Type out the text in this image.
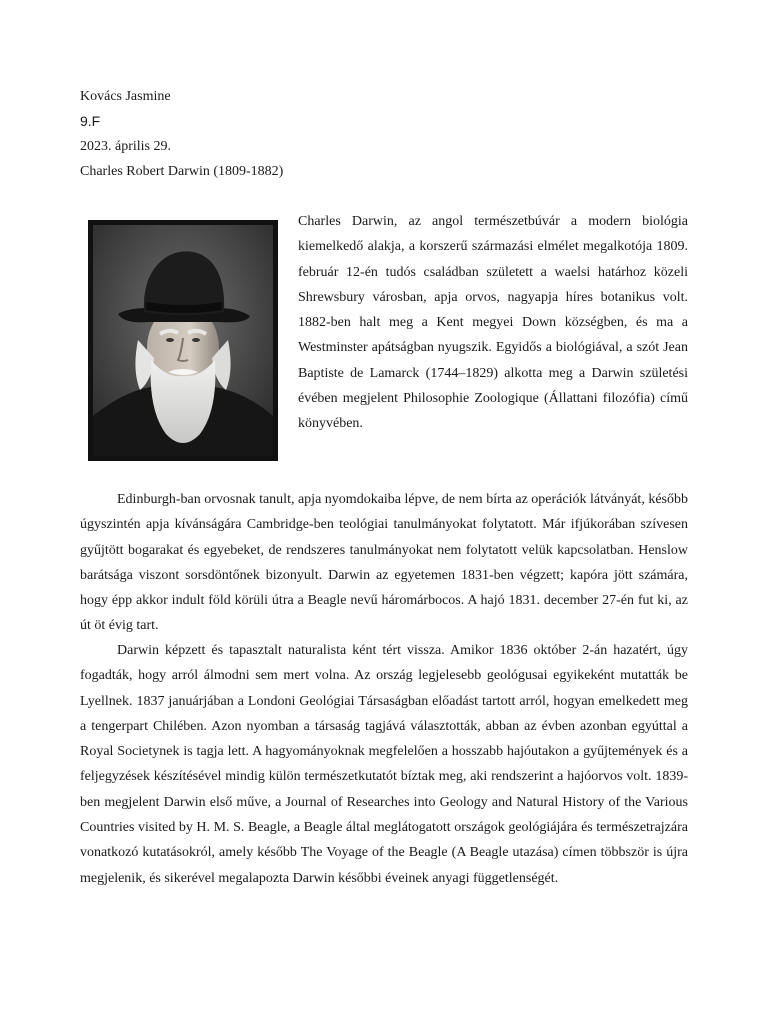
Kovács Jasmine
9.F
2023. április 29.
Charles Robert Darwin (1809-1882)
Charles Darwin, az angol természetbúvár a modern biológia kiemelkedő alakja, a korszerű származási elmélet megalkotója 1809. február 12-én tudós családban született a waelsi határhoz közeli Shrewsbury városban, apja orvos, nagyapja híres botanikus volt. 1882-ben halt meg a Kent megyei Down községben, és ma a Westminster apátságban nyugszik. Egyidős a biológiával, a szót Jean Baptiste de Lamarck (1744–1829) alkotta meg a Darwin születési évében megjelent Philosophie Zoologique (Állattani filozófia) című könyvében.

Edinburgh-ban orvosnak tanult, apja nyomdokaiba lépve, de nem bírta az operációk látványát, később úgyszintén apja kívánságára Cambridge-ben teológiai tanulmányokat folytatott. Már ifjúkorában szívesen gyűjtött bogarakat és egyebeket, de rendszeres tanulmányokat nem folytatott velük kapcsolatban. Henslow barátsága viszont sorsdöntőnek bizonyult. Darwin az egyetemen 1831-ben végzett; kapóra jött számára, hogy épp akkor indult föld körüli útra a Beagle nevű háromárbocos. A hajó 1831. december 27-én fut ki, az út öt évig tart.

Darwin képzett és tapasztalt naturalista ként tért vissza. Amikor 1836 október 2-án hazatért, úgy fogadták, hogy arról álmodni sem mert volna. Az ország legjelesebb geológusai egyikeként mutatták be Lyellnek. 1837 januárjában a Londoni Geológiai Társaságban előadást tartott arról, hogyan emelkedett meg a tengerpart Chilében. Azon nyomban a társaság tagjává választották, abban az évben azonban egyúttal a Royal Societynek is tagja lett. A hagyományoknak megfelelően a hosszabb hajóutakon a gyűjtemények és a feljegyzések készítésével mindig külön természetkutatót bíztak meg, aki rendszerint a hajóorvos volt. 1839-ben megjelent Darwin első műve, a Journal of Researches into Geology and Natural History of the Various Countries visited by H. M. S. Beagle, a Beagle által meglátogatott országok geológiájára és természetrajzára vonatkozó kutatásokról, amely később The Voyage of the Beagle (A Beagle utazása) címen többször is újra megjelenik, és sikerével megalapozta Darwin későbbi éveinek anyagi függetlenségét.
